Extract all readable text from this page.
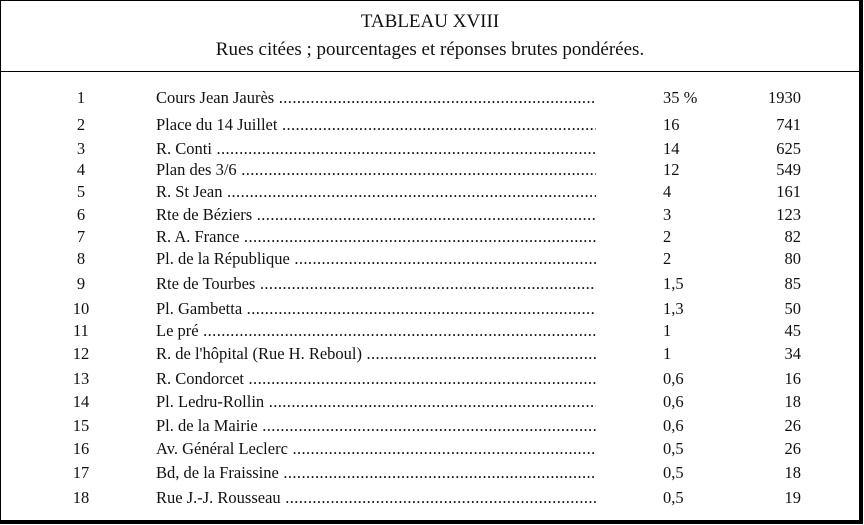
TABLEAU XVIII
Rues citées ; pourcentages et réponses brutes pondérées.
1	Cours Jean Jaurès .....	35 %	1930
2	Place du 14 Juillet .....	16	741
3	R. Conti .....	14	625
4	Plan des 3/6 .....	12	549
5	R. St Jean .....	4	161
6	Rte de Béziers .....	3	123
7	R. A. France .....	2	82
8	Pl. de la République .....	2	80
9	Rte de Tourbes .....	1,5	85
10	Pl. Gambetta .....	1,3	50
11	Le pré .....	1	45
12	R. de l'hôpital (Rue H. Reboul) .....	1	34
13	R. Condorcet .....	0,6	16
14	Pl. Ledru-Rollin .....	0,6	18
15	Pl. de la Mairie .....	0,6	26
16	Av. Général Leclerc .....	0,5	26
17	Bd, de la Fraissine .....	0,5	18
18	Rue J.-J. Rousseau .....	0,5	19
